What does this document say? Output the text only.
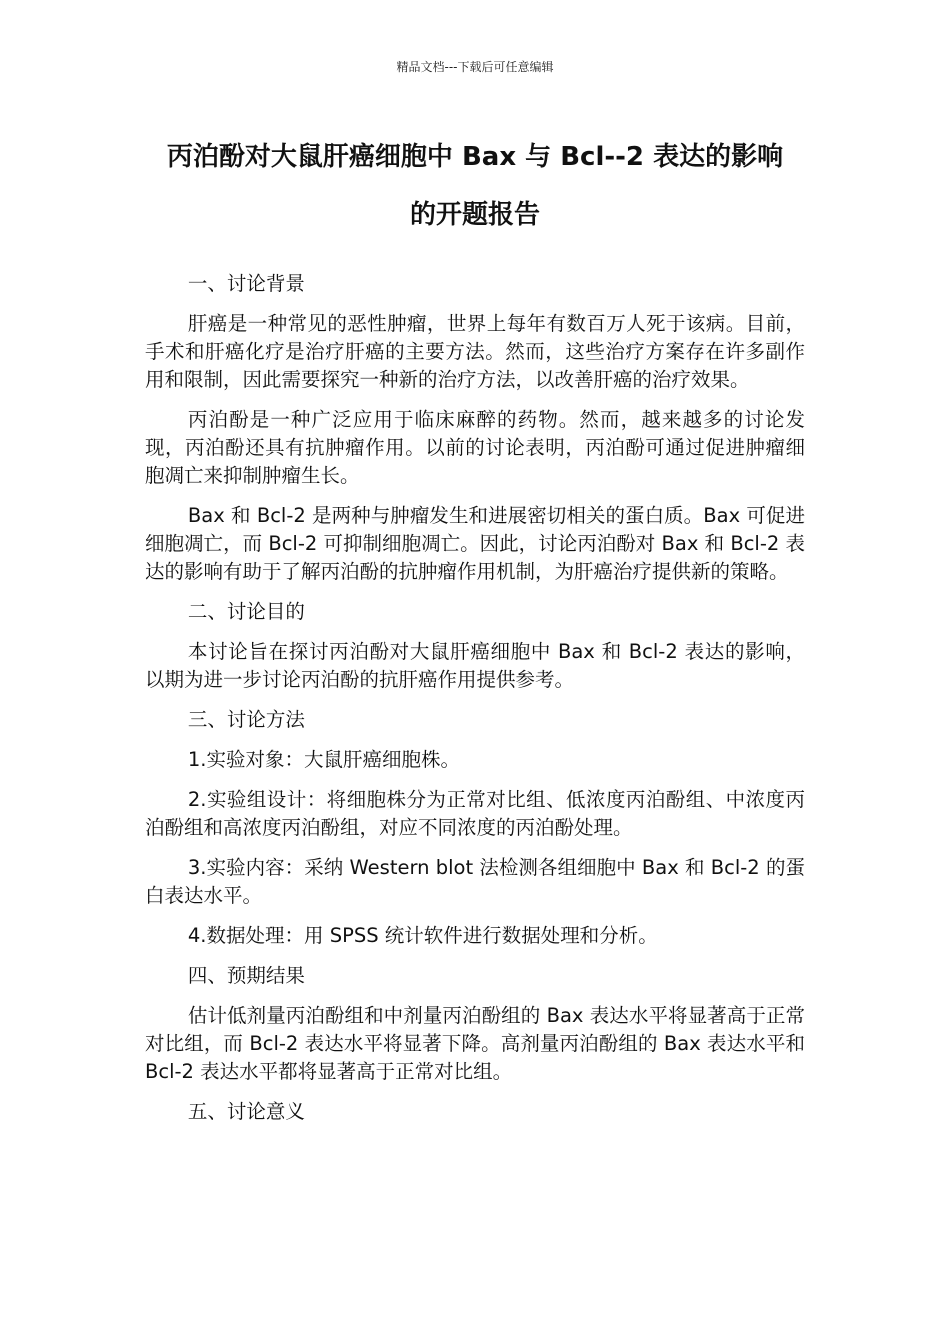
精品文档---下载后可任意编辑
丙泊酚对大鼠肝癌细胞中 Bax 与 Bcl--2 表达的影响
的开题报告

一、讨论背景

肝癌是一种常见的恶性肿瘤，世界上每年有数百万人死于该病。目前，手术和肝癌化疗是治疗肝癌的主要方法。然而，这些治疗方案存在许多副作用和限制，因此需要探究一种新的治疗方法，以改善肝癌的治疗效果。

丙泊酚是一种广泛应用于临床麻醉的药物。然而，越来越多的讨论发现，丙泊酚还具有抗肿瘤作用。以前的讨论表明，丙泊酚可通过促进肿瘤细胞凋亡来抑制肿瘤生长。

Bax 和 Bcl-2 是两种与肿瘤发生和进展密切相关的蛋白质。Bax 可促进细胞凋亡，而 Bcl-2 可抑制细胞凋亡。因此，讨论丙泊酚对 Bax 和 Bcl-2 表达的影响有助于了解丙泊酚的抗肿瘤作用机制，为肝癌治疗提供新的策略。

二、讨论目的

本讨论旨在探讨丙泊酚对大鼠肝癌细胞中 Bax 和 Bcl-2 表达的影响，以期为进一步讨论丙泊酚的抗肝癌作用提供参考。

三、讨论方法

1.实验对象：大鼠肝癌细胞株。

2.实验组设计：将细胞株分为正常对比组、低浓度丙泊酚组、中浓度丙泊酚组和高浓度丙泊酚组，对应不同浓度的丙泊酚处理。

3.实验内容：采纳 Western blot 法检测各组细胞中 Bax 和 Bcl-2 的蛋白表达水平。

4.数据处理：用 SPSS 统计软件进行数据处理和分析。

四、预期结果

估计低剂量丙泊酚组和中剂量丙泊酚组的 Bax 表达水平将显著高于正常对比组，而 Bcl-2 表达水平将显著下降。高剂量丙泊酚组的 Bax 表达水平和 Bcl-2 表达水平都将显著高于正常对比组。

五、讨论意义
